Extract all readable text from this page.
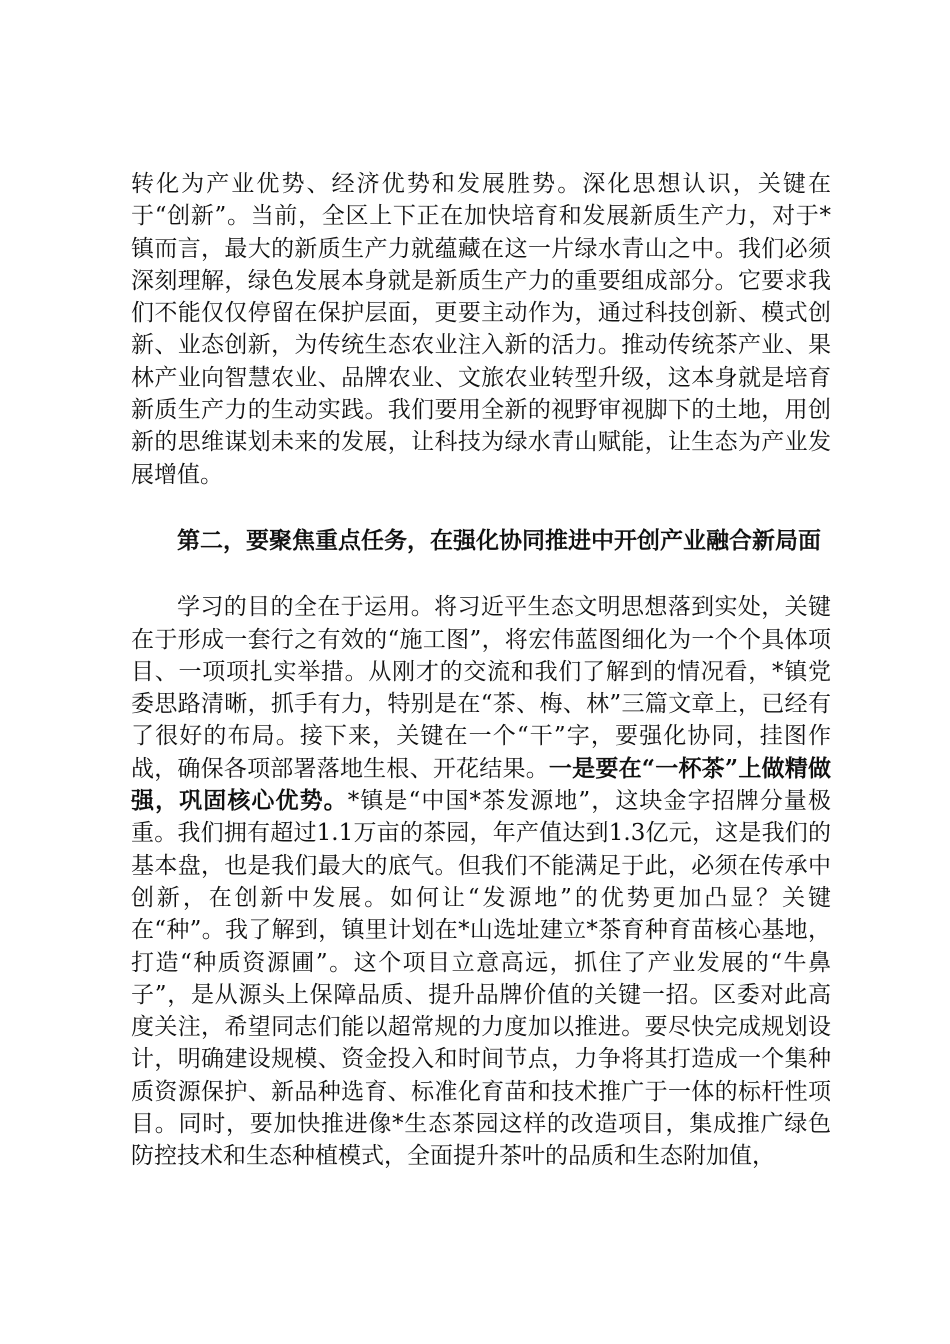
转化为产业优势、经济优势和发展胜势。深化思想认识，关键在于“创新”。当前，全区上下正在加快培育和发展新质生产力，对于*镇而言，最大的新质生产力就蕴藏在这一片绿水青山之中。我们必须深刻理解，绿色发展本身就是新质生产力的重要组成部分。它要求我们不能仅仅停留在保护层面，更要主动作为，通过科技创新、模式创新、业态创新，为传统生态农业注入新的活力。推动传统茶产业、果林产业向智慧农业、品牌农业、文旅农业转型升级，这本身就是培育新质生产力的生动实践。我们要用全新的视野审视脚下的土地，用创新的思维谋划未来的发展，让科技为绿水青山赋能，让生态为产业发展增值。

第二，要聚焦重点任务，在强化协同推进中开创产业融合新局面

学习的目的全在于运用。将习近平生态文明思想落到实处，关键在于形成一套行之有效的“施工图”，将宏伟蓝图细化为一个个具体项目、一项项扎实举措。从刚才的交流和我们了解到的情况看，*镇党委思路清晰，抓手有力，特别是在“茶、梅、林”三篇文章上，已经有了很好的布局。接下来，关键在一个“干”字，要强化协同，挂图作战，确保各项部署落地生根、开花结果。一是要在“一杯茶”上做精做强，巩固核心优势。*镇是“中国*茶发源地”，这块金字招牌分量极重。我们拥有超过1.1万亩的茶园，年产值达到1.3亿元，这是我们的基本盘，也是我们最大的底气。但我们不能满足于此，必须在传承中创新，在创新中发展。如何让“发源地”的优势更加凸显？关键在“种”。我了解到，镇里计划在*山选址建立*茶育种育苗核心基地，打造“种质资源圃”。这个项目立意高远，抓住了产业发展的“牛鼻子”，是从源头上保障品质、提升品牌价值的关键一招。区委对此高度关注，希望同志们能以超常规的力度加以推进。要尽快完成规划设计，明确建设规模、资金投入和时间节点，力争将其打造成一个集种质资源保护、新品种选育、标准化育苗和技术推广于一体的标杆性项目。同时，要加快推进像*生态茶园这样的改造项目，集成推广绿色防控技术和生态种植模式，全面提升茶叶的品质和生态附加值，
